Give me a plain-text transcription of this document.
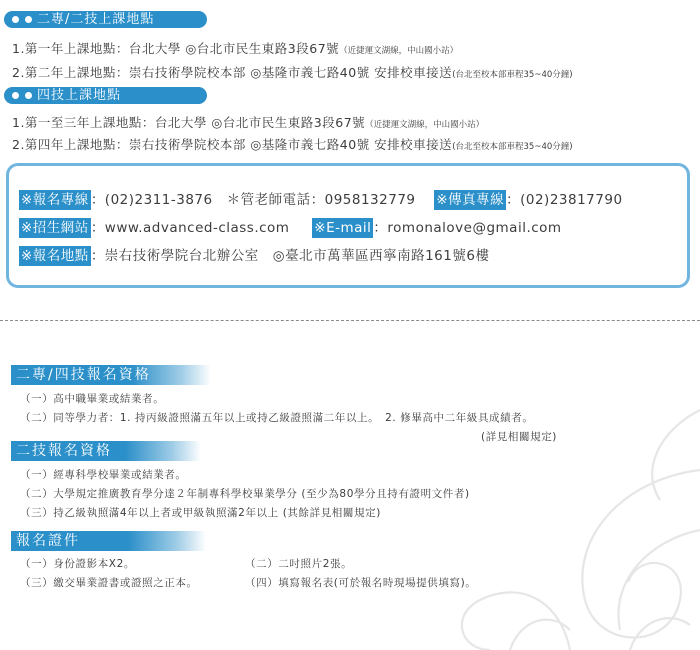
二專/二技上課地點
1.第一年上課地點：台北大學 ◎台北市民生東路3段67號（近捷運文湖線，中山國小站）
2.第二年上課地點：崇右技術學院校本部 ◎基隆市義七路40號 安排校車接送(台北至校本部車程35~40分鐘)
四技上課地點
1.第一至三年上課地點：台北大學 ◎台北市民生東路3段67號（近捷運文湖線，中山國小站）
2.第四年上課地點：崇右技術學院校本部 ◎基隆市義七路40號 安排校車接送(台北至校本部車程35~40分鐘)
※報名專線 ：(02)2311-3876　＊管老師電話：0958132779 ※傳真專線 ：(02)23817790
※招生網站 ：www.advanced-class.com ※E-mail ：romonalove@gmail.com
※報名地點 ：崇右技術學院台北辦公室　◎臺北市萬華區西寧南路161號6樓
二專/四技報名資格
（一）高中職畢業或結業者。
（二）同等學力者：1. 持丙級證照滿五年以上或持乙級證照滿二年以上。　2. 修畢高中二年級具成績者。
(詳見相關規定)
二技報名資格
（一）經專科學校畢業或結業者。
（二）大學規定推廣教育學分達２年制專科學校畢業學分 (至少為80學分且持有證明文件者)
（三）持乙級執照滿4年以上者或甲級執照滿2年以上 (其餘詳見相關規定)
報名證件
（一）身份證影本X2。	（二）二吋照片2張。
（三）繳交畢業證書或證照之正本。	（四）填寫報名表(可於報名時現場提供填寫)。
